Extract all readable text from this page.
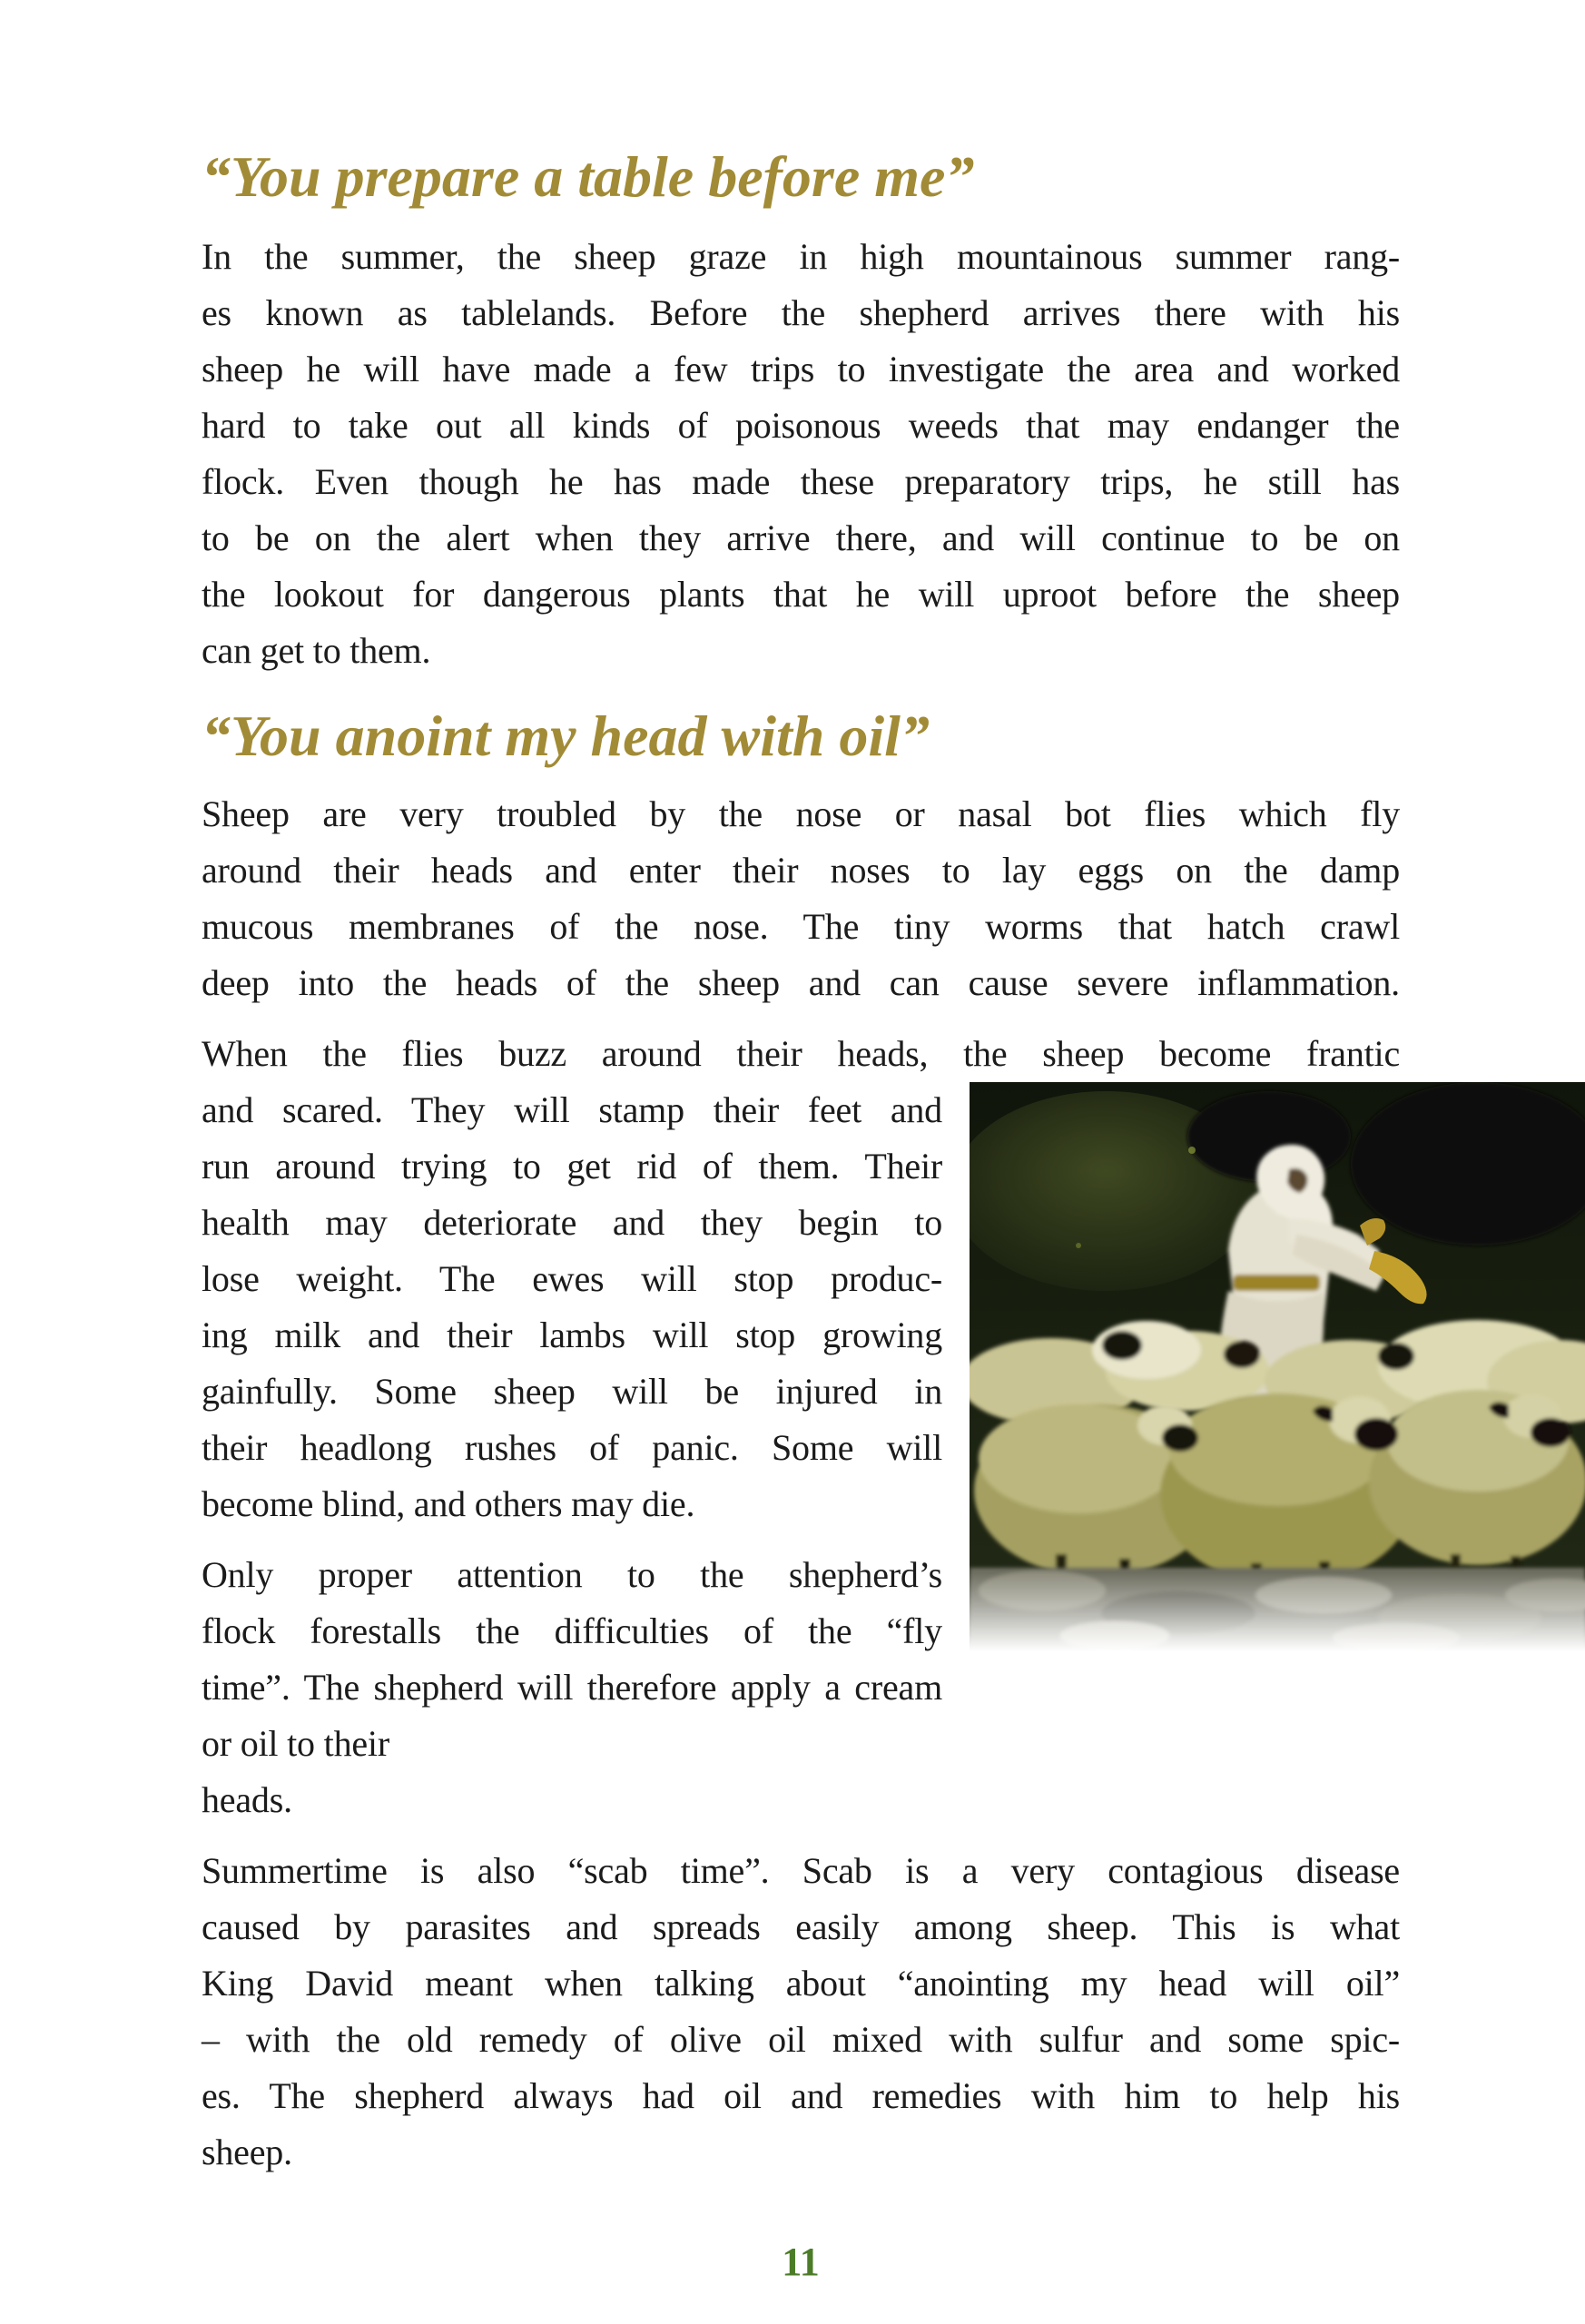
“You prepare a table before me”
In the summer, the sheep graze in high mountainous summer rang-
es known as tablelands. Before the shepherd arrives there with his
sheep he will have made a few trips to investigate the area and worked
hard to take out all kinds of poisonous weeds that may endanger the
flock. Even though he has made these preparatory trips, he still has
to be on the alert when they arrive there, and will continue to be on
the lookout for dangerous plants that he will uproot before the sheep
can get to them.
“You anoint my head with oil”
Sheep are very troubled by the nose or nasal bot flies which fly
around their heads and enter their noses to lay eggs on the damp
mucous membranes of the nose. The tiny worms that hatch crawl
deep into the heads of the sheep and can cause severe inflammation.
When the flies buzz around their heads, the sheep become frantic
and scared. They will stamp their feet and
run around trying to get rid of them. Their
health may deteriorate and they begin to
lose weight. The ewes will stop produc-
ing milk and their lambs will stop growing
gainfully. Some sheep will be injured in
their headlong rushes of panic. Some will
become blind, and others may die.
Only proper attention to the shepherd’s
flock forestalls the difficulties of the “fly
time”. The shepherd will therefore apply a cream or oil to their
heads.
Summertime is also “scab time”. Scab is a very contagious disease
caused by parasites and spreads easily among sheep. This is what
King David meant when talking about “anointing my head will oil”
– with the old remedy of olive oil mixed with sulfur and some spic-
es. The shepherd always had oil and remedies with him to help his
sheep.
11
